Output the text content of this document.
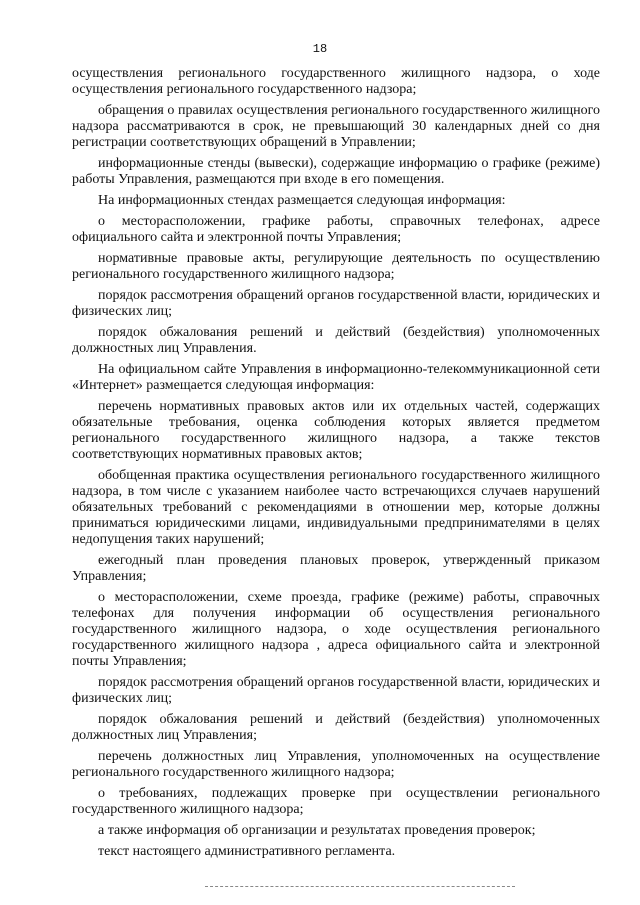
18

осуществления регионального государственного жилищного надзора, о ходе осуществления регионального государственного надзора;

обращения о правилах осуществления регионального государственного жилищного надзора рассматриваются в срок, не превышающий 30 календарных дней со дня регистрации соответствующих обращений в Управлении;

информационные стенды (вывески), содержащие информацию о графике (режиме) работы Управления, размещаются при входе в его помещения.

На информационных стендах размещается следующая информация:

о месторасположении, графике работы, справочных телефонах, адресе официального сайта и электронной почты Управления;

нормативные правовые акты, регулирующие деятельность по осуществлению регионального государственного жилищного надзора;

порядок рассмотрения обращений органов государственной власти, юридических и физических лиц;

порядок обжалования решений и действий (бездействия) уполномоченных должностных лиц Управления.

На официальном сайте Управления в информационно-телекоммуникационной сети «Интернет» размещается следующая информация:

перечень нормативных правовых актов или их отдельных частей, содержащих обязательные требования, оценка соблюдения которых является предметом регионального государственного жилищного надзора, а также текстов соответствующих нормативных правовых актов;

обобщенная практика осуществления регионального государственного жилищного надзора, в том числе с указанием наиболее часто встречающихся случаев нарушений обязательных требований с рекомендациями в отношении мер, которые должны приниматься юридическими лицами, индивидуальными предпринимателями в целях недопущения таких нарушений;

ежегодный план проведения плановых проверок, утвержденный приказом Управления;

о месторасположении, схеме проезда, графике (режиме) работы, справочных телефонах для получения информации об осуществления регионального государственного жилищного надзора, о ходе осуществления регионального государственного жилищного надзора , адреса официального сайта и электронной почты Управления;

порядок рассмотрения обращений органов государственной власти, юридических и физических лиц;

порядок обжалования решений и действий (бездействия) уполномоченных должностных лиц Управления;

перечень должностных лиц Управления, уполномоченных на осуществление регионального государственного жилищного надзора;

о требованиях, подлежащих проверке при осуществлении регионального государственного жилищного надзора;

а также информация об организации и результатах проведения проверок;

текст настоящего административного регламента.
